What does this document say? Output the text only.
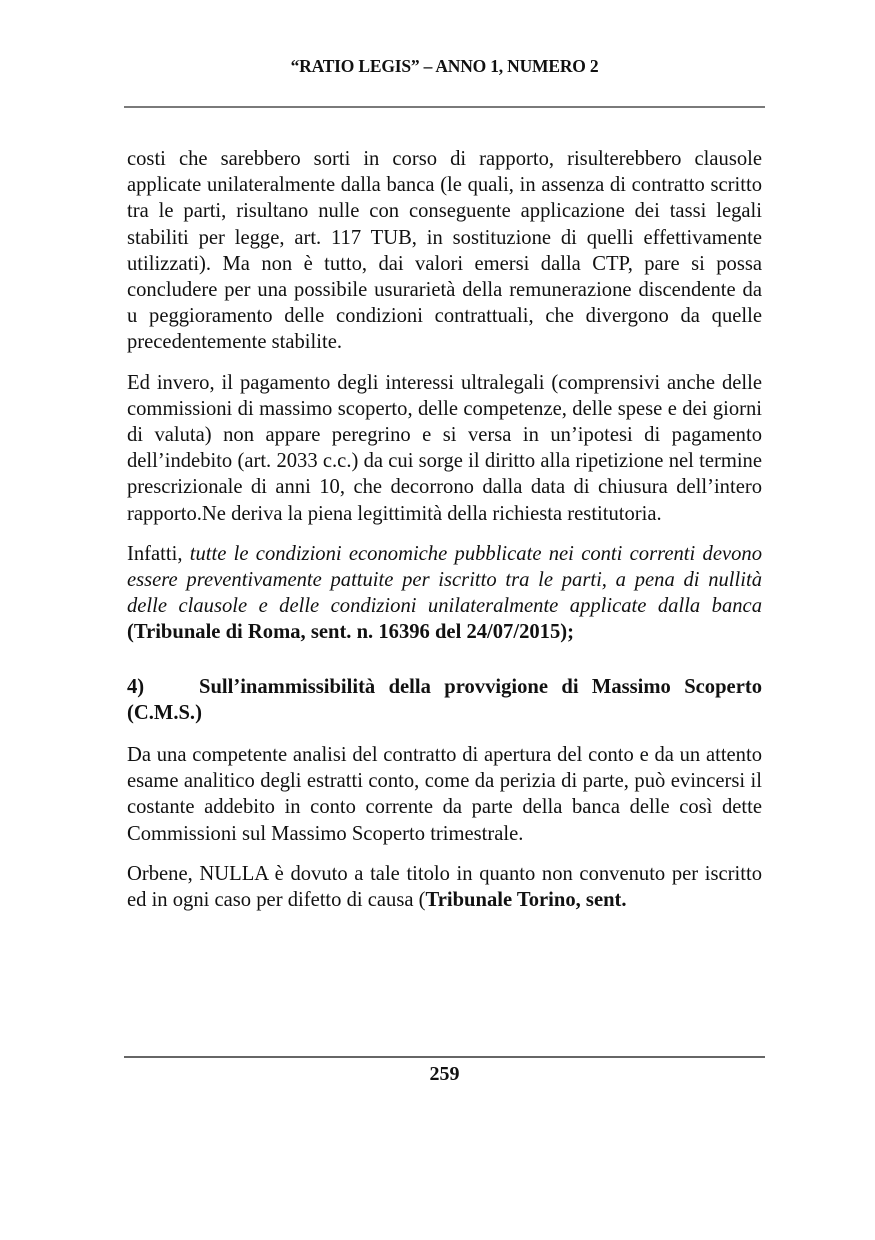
“RATIO LEGIS” – ANNO 1, NUMERO 2

costi che sarebbero sorti in corso di rapporto, risulterebbero clausole applicate unilateralmente dalla banca (le quali, in assenza di contratto scritto tra le parti, risultano nulle con conseguente applicazione dei tassi legali stabiliti per legge, art. 117 TUB, in sostituzione di quelli effettivamente utilizzati). Ma non è tutto, dai valori emersi dalla CTP, pare si possa concludere per una possibile usurarietà della remunerazione discendente da u peggioramento delle condizioni contrattuali, che divergono da quelle precedentemente stabilite.

Ed invero, il pagamento degli interessi ultralegali (comprensivi anche delle commissioni di massimo scoperto, delle competenze, delle spese e dei giorni di valuta) non appare peregrino e si versa in un’ipotesi di pagamento dell’indebito (art. 2033 c.c.) da cui sorge il diritto alla ripetizione nel termine prescrizionale di anni 10, che decorrono dalla data di chiusura dell’intero rapporto.Ne deriva la piena legittimità della richiesta restitutoria.

Infatti, tutte le condizioni economiche pubblicate nei conti correnti devono essere preventivamente pattuite per iscritto tra le parti, a pena di nullità delle clausole e delle condizioni unilateralmente applicate dalla banca (Tribunale di Roma, sent. n. 16396 del 24/07/2015);

4)	Sull’inammissibilità della provvigione di Massimo Scoperto (C.M.S.)

Da una competente analisi del contratto di apertura del conto e da un attento esame analitico degli estratti conto, come da perizia di parte, può evincersi il costante addebito in conto corrente da parte della banca delle così dette Commissioni sul Massimo Scoperto trimestrale.

Orbene, NULLA è dovuto a tale titolo in quanto non convenuto per iscritto ed in ogni caso per difetto di causa (Tribunale Torino, sent.

259
